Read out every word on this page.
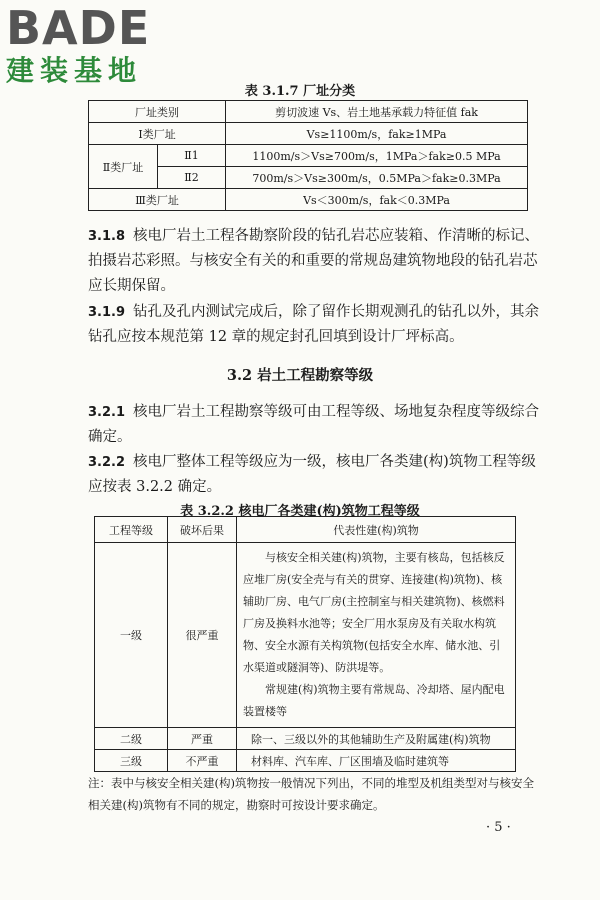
BADE
建装基地
表 3.1.7 厂址分类
厂址类别		剪切波速 Vs、岩土地基承载力特征值 fak
Ⅰ类厂址		Vs≥1100m/s，fak≥1MPa
Ⅱ类厂址	Ⅱ1	1100m/s＞Vs≥700m/s，1MPa＞fak≥0.5 MPa
	Ⅱ2	700m/s＞Vs≥300m/s，0.5MPa＞fak≥0.3MPa
Ⅲ类厂址		Vs＜300m/s，fak＜0.3MPa
3.1.8 核电厂岩土工程各勘察阶段的钻孔岩芯应装箱、作清晰的标记、拍摄岩芯彩照。与核安全有关的和重要的常规岛建筑物地段的钻孔岩芯应长期保留。
3.1.9 钻孔及孔内测试完成后，除了留作长期观测孔的钻孔以外，其余钻孔应按本规范第 12 章的规定封孔回填到设计厂坪标高。
3.2 岩土工程勘察等级
3.2.1 核电厂岩土工程勘察等级可由工程等级、场地复杂程度等级综合确定。
3.2.2 核电厂整体工程等级应为一级，核电厂各类建(构)筑物工程等级应按表 3.2.2 确定。
表 3.2.2 核电厂各类建(构)筑物工程等级
工程等级	破坏后果	代表性建(构)筑物
一级	很严重	与核安全相关建(构)筑物，主要有核岛，包括核反应堆厂房(安全壳与有关的贯穿、连接建(构)筑物)、核辅助厂房、电气厂房(主控制室与相关建筑物)、核燃料厂房及换料水池等；安全厂用水泵房及有关取水构筑物、安全水源有关构筑物(包括安全水库、储水池、引水渠道或隧洞等)、防洪堤等。
常规建(构)筑物主要有常规岛、冷却塔、屋内配电装置楼等

二级	严重	除一、三级以外的其他辅助生产及附属建(构)筑物
三级	不严重	材料库、汽车库、厂区围墙及临时建筑等
注：表中与核安全相关建(构)筑物按一般情况下列出，不同的堆型及机组类型对与核安全相关建(构)筑物有不同的规定，勘察时可按设计要求确定。
· 5 ·
